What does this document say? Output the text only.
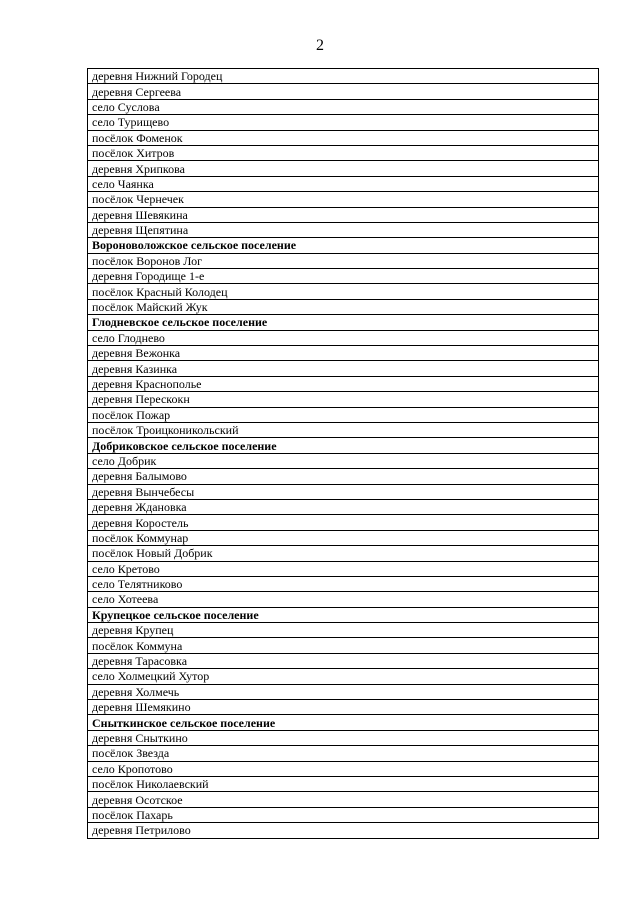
2
деревня Нижний Городец
деревня Сергеева
село Суслова
село Турищево
посёлок Фоменок
посёлок Хитров
деревня Хрипкова
село Чаянка
посёлок Чернечек
деревня Шевякина
деревня Щепятина
Вороноволожское сельское поселение
посёлок Воронов Лог
деревня Городище 1-е
посёлок Красный Колодец
посёлок Майский Жук
Глодневское сельское поселение
село Глоднево
деревня Вежонка
деревня Казинка
деревня Краснополье
деревня Перескокн
посёлок Пожар
посёлок Троицконикольский
Добриковское сельское поселение
село Добрик
деревня Балымово
деревня Вынчебесы
деревня Ждановка
деревня Коростель
посёлок Коммунар
посёлок Новый Добрик
село Кретово
село Телятниково
село Хотеева
Крупецкое сельское поселение
деревня Крупец
посёлок Коммуна
деревня Тарасовка
село Холмецкий Хутор
деревня Холмечь
деревня Шемякино
Сныткинское сельское поселение
деревня Сныткино
посёлок Звезда
село Кропотово
посёлок Николаевский
деревня Осотское
посёлок Пахарь
деревня Петрилово
